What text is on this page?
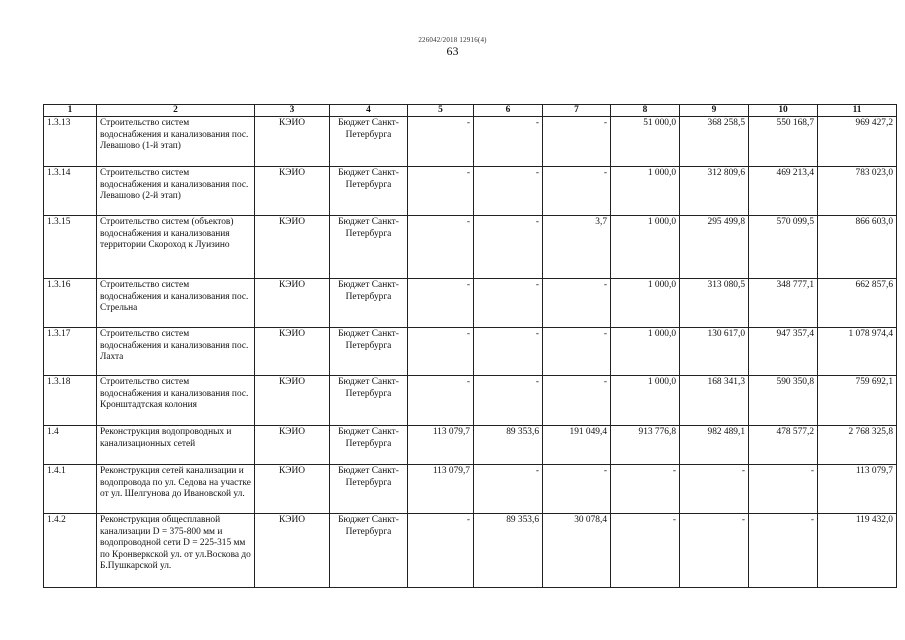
226042/2018 12916(4)
63
1	2	3	4	5	6	7	8	9	10	11
1.3.13	Строительство систем водоснабжения и канализования пос. Левашово (1-й этап)	КЭИО	Бюджет Санкт-Петербурга	-	-	-	51 000,0	368 258,5	550 168,7	969 427,2
1.3.14	Строительство систем водоснабжения и канализования пос. Левашово (2-й этап)	КЭИО	Бюджет Санкт-Петербурга	-	-	-	1 000,0	312 809,6	469 213,4	783 023,0
1.3.15	Строительство систем (объектов) водоснабжения и канализования территории Скороход к Луизино	КЭИО	Бюджет Санкт-Петербурга	-	-	3,7	1 000,0	295 499,8	570 099,5	866 603,0
1.3.16	Строительство систем водоснабжения и канализования пос. Стрельна	КЭИО	Бюджет Санкт-Петербурга	-	-	-	1 000,0	313 080,5	348 777,1	662 857,6
1.3.17	Строительство систем водоснабжения и канализования пос. Лахта	КЭИО	Бюджет Санкт-Петербурга	-	-	-	1 000,0	130 617,0	947 357,4	1 078 974,4
1.3.18	Строительство систем водоснабжения и канализования пос. Кронштадтская колония	КЭИО	Бюджет Санкт-Петербурга	-	-	-	1 000,0	168 341,3	590 350,8	759 692,1
1.4	Реконструкция водопроводных и канализационных сетей	КЭИО	Бюджет Санкт-Петербурга	113 079,7	89 353,6	191 049,4	913 776,8	982 489,1	478 577,2	2 768 325,8
1.4.1	Реконструкция сетей канализации и водопровода по ул. Седова на участке от ул. Шелгунова до Ивановской ул.	КЭИО	Бюджет Санкт-Петербурга	113 079,7	-	-	-	-	-	113 079,7
1.4.2	Реконструкция общесплавной канализации D = 375-800 мм и водопроводной сети D = 225-315 мм по Кронверкской ул. от ул.Воскова до Б.Пушкарской ул.	КЭИО	Бюджет Санкт-Петербурга	-	89 353,6	30 078,4	-	-	-	119 432,0
